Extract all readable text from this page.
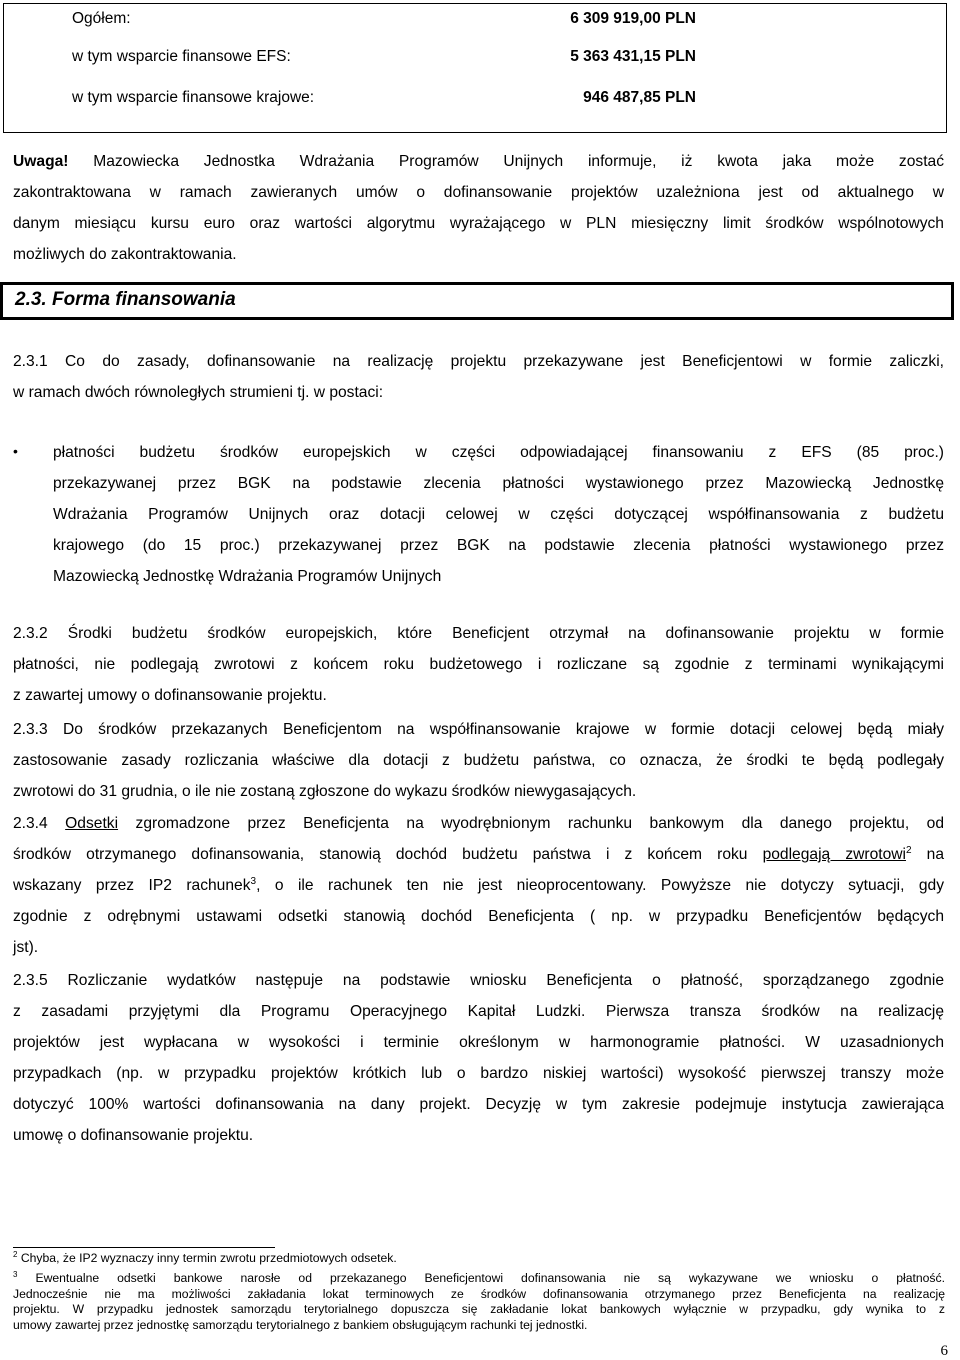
Ogółem:	6 309 919,00 PLN
w tym wsparcie finansowe EFS:	5 363 431,15 PLN
w tym wsparcie finansowe krajowe:	946 487,85 PLN
Uwaga! Mazowiecka Jednostka Wdrażania Programów Unijnych informuje, iż kwota jaka może zostać
zakontraktowana w ramach zawieranych umów o dofinansowanie projektów uzależniona jest od aktualnego w
danym miesiącu kursu euro oraz wartości algorytmu wyrażającego w PLN miesięczny limit środków wspólnotowych
możliwych do zakontraktowania.
2.3. Forma finansowania
2.3.1 Co do zasady, dofinansowanie na realizację projektu przekazywane jest Beneficjentowi w formie zaliczki,
w ramach dwóch równoległych strumieni tj. w postaci:
• płatności budżetu środków europejskich w części odpowiadającej finansowaniu z EFS (85 proc.)
przekazywanej przez BGK na podstawie zlecenia płatności wystawionego przez Mazowiecką Jednostkę
Wdrażania Programów Unijnych oraz dotacji celowej w części dotyczącej współfinansowania z budżetu
krajowego (do 15 proc.) przekazywanej przez BGK na podstawie zlecenia płatności wystawionego przez
Mazowiecką Jednostkę Wdrażania Programów Unijnych
2.3.2 Środki budżetu środków europejskich, które Beneficjent otrzymał na dofinansowanie projektu w formie
płatności, nie podlegają zwrotowi z końcem roku budżetowego i rozliczane są zgodnie z terminami wynikającymi
z zawartej umowy o dofinansowanie projektu.
2.3.3 Do środków przekazanych Beneficjentom na współfinansowanie krajowe w formie dotacji celowej będą miały
zastosowanie zasady rozliczania właściwe dla dotacji z budżetu państwa, co oznacza, że środki te będą podlegały
zwrotowi do 31 grudnia, o ile nie zostaną zgłoszone do wykazu środków niewygasających.
2.3.4 Odsetki zgromadzone przez Beneficjenta na wyodrębnionym rachunku bankowym dla danego projektu, od
środków otrzymanego dofinansowania, stanowią dochód budżetu państwa i z końcem roku podlegają zwrotowi$^2$ na
wskazany przez IP2 rachunek$^3$, o ile rachunek ten nie jest nieoprocentowany. Powyższe nie dotyczy sytuacji, gdy
zgodnie z odrębnymi ustawami odsetki stanowią dochód Beneficjenta ( np. w przypadku Beneficjentów będących
jst).
2.3.5 Rozliczanie wydatków następuje na podstawie wniosku Beneficjenta o płatność, sporządzanego zgodnie
z zasadami przyjętymi dla Programu Operacyjnego Kapitał Ludzki. Pierwsza transza środków na realizację
projektów jest wypłacana w wysokości i terminie określonym w harmonogramie płatności. W uzasadnionych
przypadkach (np. w przypadku projektów krótkich lub o bardzo niskiej wartości) wysokość pierwszej transzy może
dotyczyć 100% wartości dofinansowania na dany projekt. Decyzję w tym zakresie podejmuje instytucja zawierająca
umowę o dofinansowanie projektu.
$^2$ Chyba, że IP2 wyznaczy inny termin zwrotu przedmiotowych odsetek.
$^3$ Ewentualne odsetki bankowe narosłe od przekazanego Beneficjentowi dofinansowania nie są wykazywane we wniosku o płatność.
Jednocześnie nie ma możliwości zakładania lokat terminowych ze środków dofinansowania otrzymanego przez Beneficjenta na realizację
projektu. W przypadku jednostek samorządu terytorialnego dopuszcza się zakładanie lokat bankowych wyłącznie w przypadku, gdy wynika to z
umowy zawartej przez jednostkę samorządu terytorialnego z bankiem obsługującym rachunki tej jednostki.
6
